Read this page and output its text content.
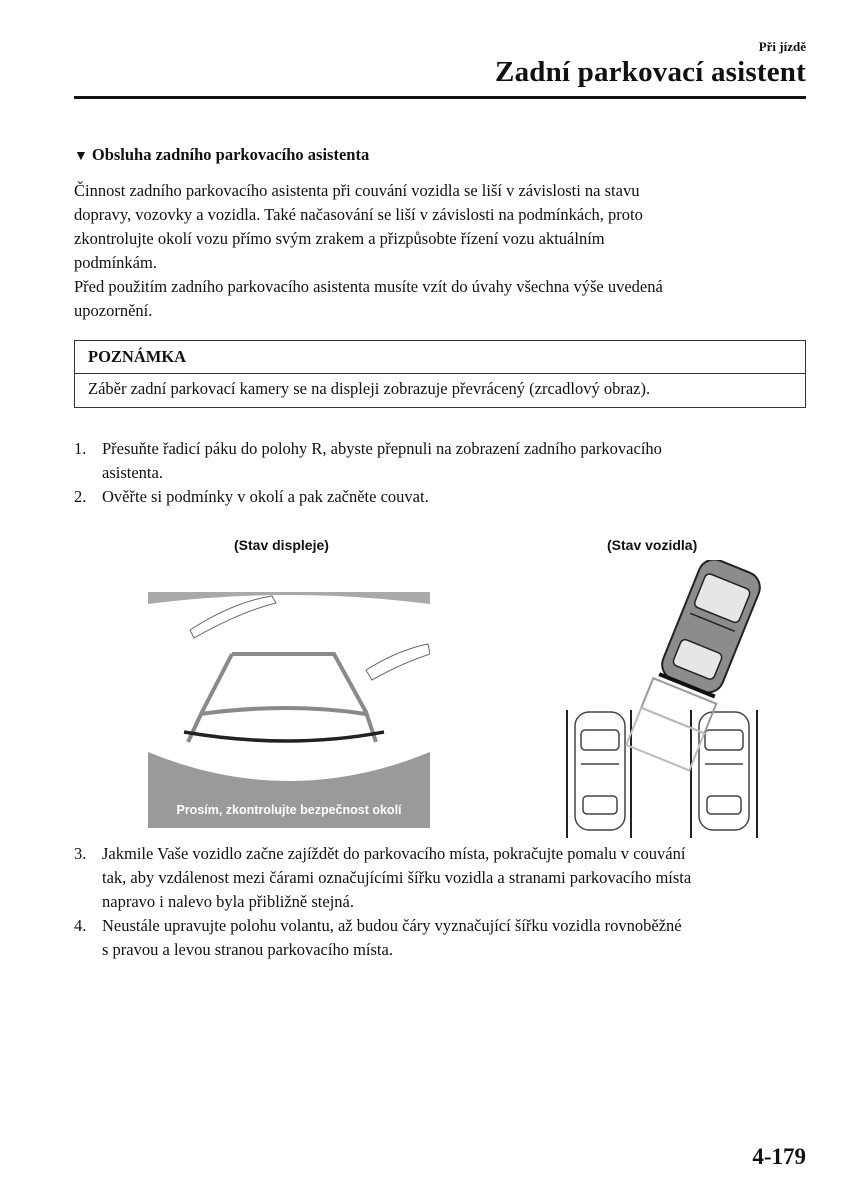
Při jízdě
Zadní parkovací asistent
▼ Obsluha zadního parkovacího asistenta

Činnost zadního parkovacího asistenta při couvání vozidla se liší v závislosti na stavu

dopravy, vozovky a vozidla. Také načasování se liší v závislosti na podmínkách, proto

zkontrolujte okolí vozu přímo svým zrakem a přizpůsobte řízení vozu aktuálním

podmínkám.

Před použitím zadního parkovacího asistenta musíte vzít do úvahy všechna výše uvedená

upozornění.

POZNÁMKA
Záběr zadní parkovací kamery se na displeji zobrazuje převrácený (zrcadlový obraz).
1. Přesuňte řadicí páku do polohy R, abyste přepnuli na zobrazení zadního parkovacího
asistenta.
2. Ověřte si podmínky v okolí a pak začněte couvat.
(Stav displeje)	(Stav vozidla)
Prosím, zkontrolujte bezpečnost okolí
3. Jakmile Vaše vozidlo začne zajíždět do parkovacího místa, pokračujte pomalu v couvání
tak, aby vzdálenost mezi čárami označujícími šířku vozidla a stranami parkovacího místa
napravo i nalevo byla přibližně stejná.
4. Neustále upravujte polohu volantu, až budou čáry vyznačující šířku vozidla rovnoběžné
s pravou a levou stranou parkovacího místa.
4-179
